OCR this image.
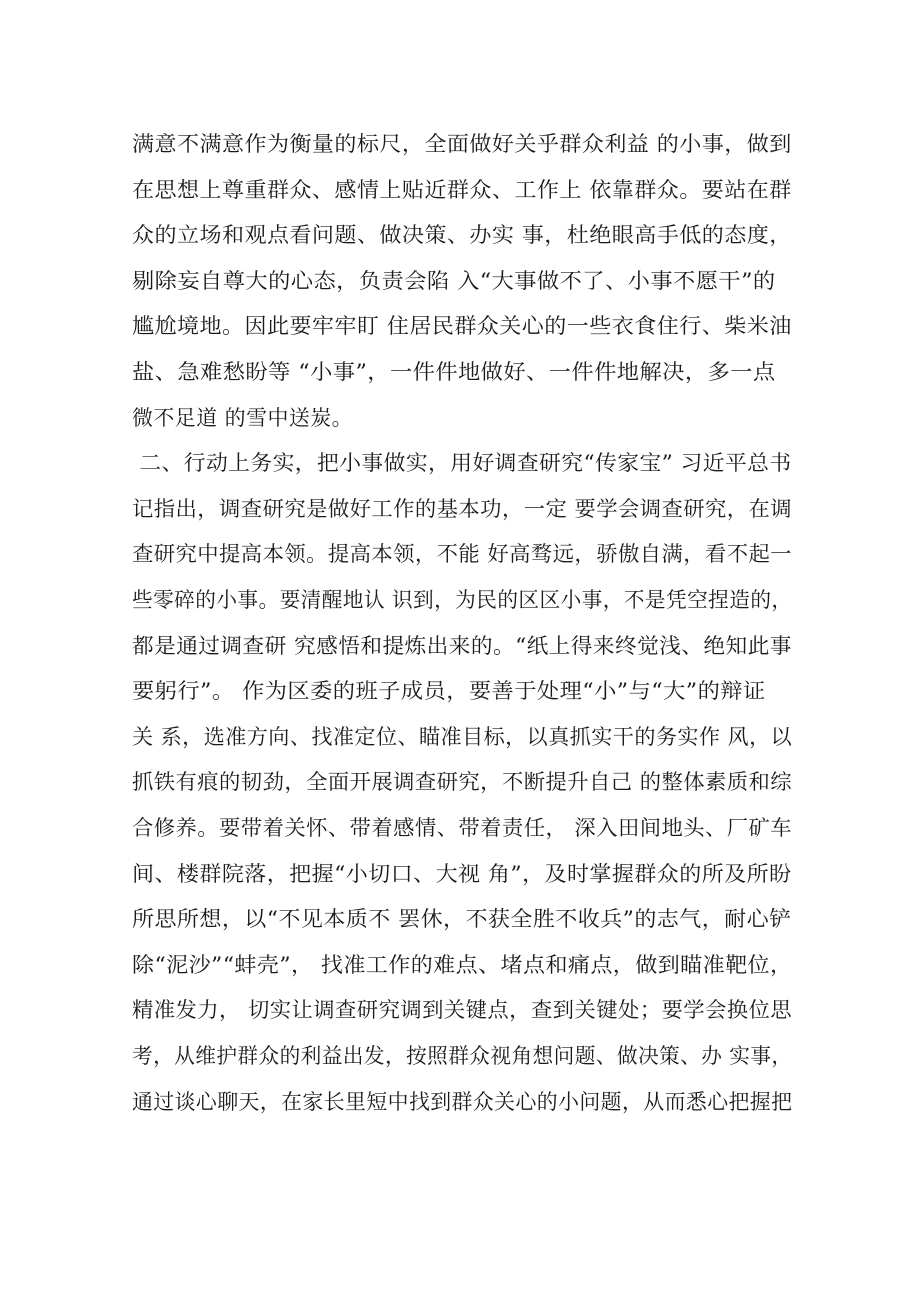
满意不满意作为衡量的标尺，全面做好关乎群众利益 的小事，做到
在思想上尊重群众、感情上贴近群众、工作上 依靠群众。要站在群
众的立场和观点看问题、做决策、办实 事，杜绝眼高手低的态度，
剔除妄自尊大的心态，负责会陷 入“大事做不了、小事不愿干”的
尴尬境地。因此要牢牢盯 住居民群众关心的一些衣食住行、柴米油
盐、急难愁盼等 “小事”，一件件地做好、一件件地解决，多一点
微不足道 的雪中送炭。
二、行动上务实，把小事做实，用好调查研究“传家宝” 习近平总书
记指出，调查研究是做好工作的基本功，一定 要学会调查研究，在调
查研究中提高本领。提高本领，不能 好高骛远，骄傲自满，看不起一
些零碎的小事。要清醒地认 识到，为民的区区小事，不是凭空捏造的，
都是通过调查研 究感悟和提炼出来的。“纸上得来终觉浅、绝知此事
要躬行”。 作为区委的班子成员，要善于处理“小”与“大”的辩证
关 系，选准方向、找准定位、瞄准目标，以真抓实干的务实作 风，以
抓铁有痕的韧劲，全面开展调查研究，不断提升自己 的整体素质和综
合修养。要带着关怀、带着感情、带着责任， 深入田间地头、厂矿车
间、楼群院落，把握“小切口、大视 角”，及时掌握群众的所及所盼
所思所想，以“不见本质不 罢休，不获全胜不收兵”的志气，耐心铲
除“泥沙”“蚌壳”， 找准工作的难点、堵点和痛点，做到瞄准靶位，
精准发力， 切实让调查研究调到关键点，查到关键处；要学会换位思
考，从维护群众的利益出发，按照群众视角想问题、做决策、办 实事，
通过谈心聊天，在家长里短中找到群众关心的小问题，从而悉心把握把
